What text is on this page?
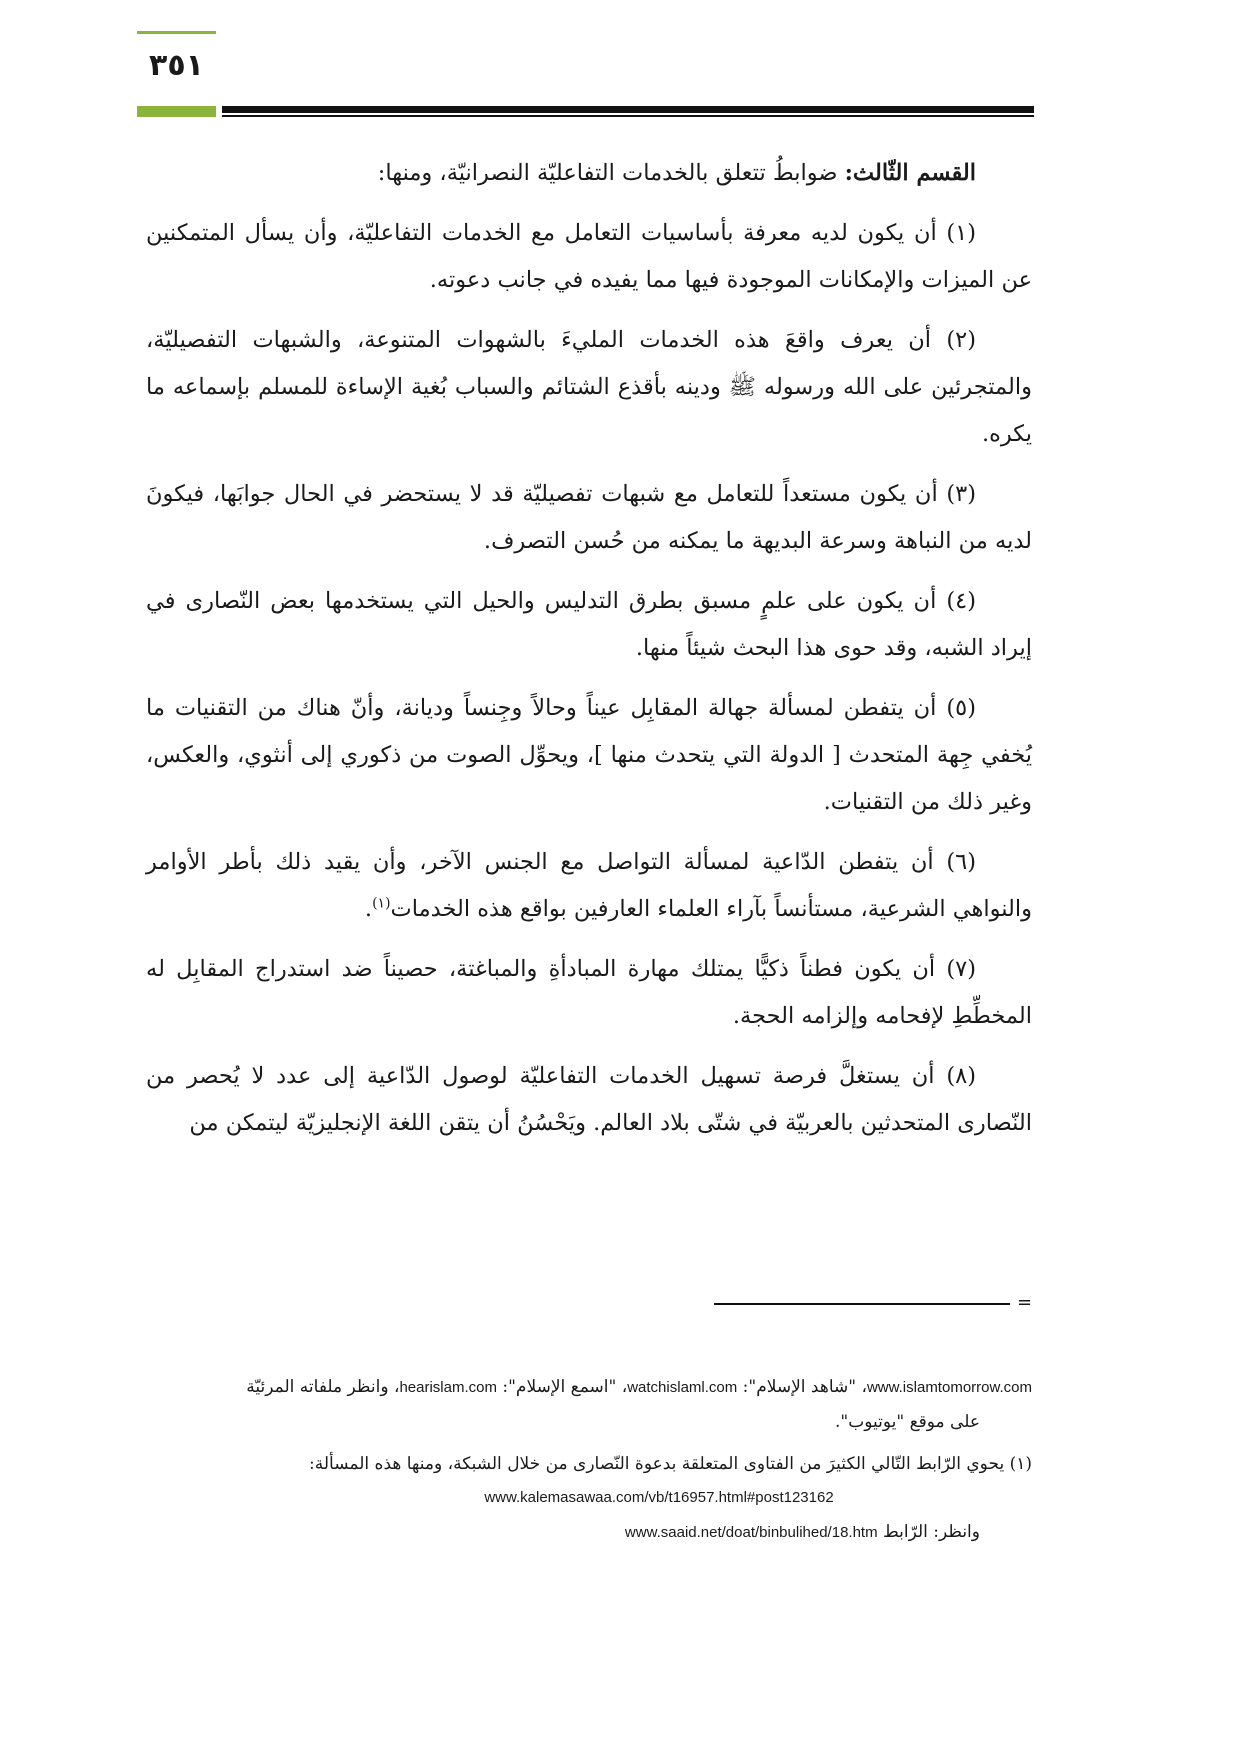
٣٥١

القسم الثّالث: ضوابطُ تتعلق بالخدمات التفاعليّة النصرانيّة، ومنها:

(١) أن يكون لديه معرفة بأساسيات التعامل مع الخدمات التفاعليّة، وأن يسأل المتمكنين عن الميزات والإمكانات الموجودة فيها مما يفيده في جانب دعوته.

(٢) أن يعرف واقعَ هذه الخدمات المليءَ بالشهوات المتنوعة، والشبهات التفصيليّة، والمتجرئين على الله ورسوله ﷺ ودينه بأقذع الشتائم والسباب بُغية الإساءة للمسلم بإسماعه ما يكره.

(٣) أن يكون مستعداً للتعامل مع شبهات تفصيليّة قد لا يستحضر في الحال جوابَها، فيكونَ لديه من النباهة وسرعة البديهة ما يمكنه من حُسن التصرف.

(٤) أن يكون على علمٍ مسبق بطرق التدليس والحيل التي يستخدمها بعض النّصارى في إيراد الشبه، وقد حوى هذا البحث شيئاً منها.

(٥) أن يتفطن لمسألة جهالة المقابِل عيناً وحالاً وجِنساً وديانة، وأنّ هناك من التقنيات ما يُخفي جِهة المتحدث [ الدولة التي يتحدث منها ]، ويحوِّل الصوت من ذكوري إلى أنثوي، والعكس، وغير ذلك من التقنيات.

(٦) أن يتفطن الدّاعية لمسألة التواصل مع الجنس الآخر، وأن يقيد ذلك بأطر الأوامر والنواهي الشرعية، مستأنساً بآراء العلماء العارفين بواقع هذه الخدمات$^{(١)}$.

(٧) أن يكون فطناً ذكيًّا يمتلك مهارة المبادأةِ والمباغتة، حصيناً ضد استدراج المقابِل له المخطِّطِ لإفحامه وإلزامه الحجة.

(٨) أن يستغلَّ فرصة تسهيل الخدمات التفاعليّة لوصول الدّاعية إلى عدد لا يُحصر من النّصارى المتحدثين بالعربيّة في شتّى بلاد العالم. ويَحْسُنُ أن يتقن اللغة الإنجليزيّة ليتمكن من

=

www.islamtomorrow.com، "شاهد الإسلام": watchislaml.com، "اسمع الإسلام": hearislam.com، وانظر ملفاته المرئيّة

على موقع "يوتيوب".

(١) يحوي الرّابط التّالي الكثيرَ من الفتاوى المتعلقة بدعوة النّصارى من خلال الشبكة، ومنها هذه المسألة:

www.kalemasawaa.com/vb/t16957.html#post123162

وانظر: الرّابط www.saaid.net/doat/binbulihed/18.htm
